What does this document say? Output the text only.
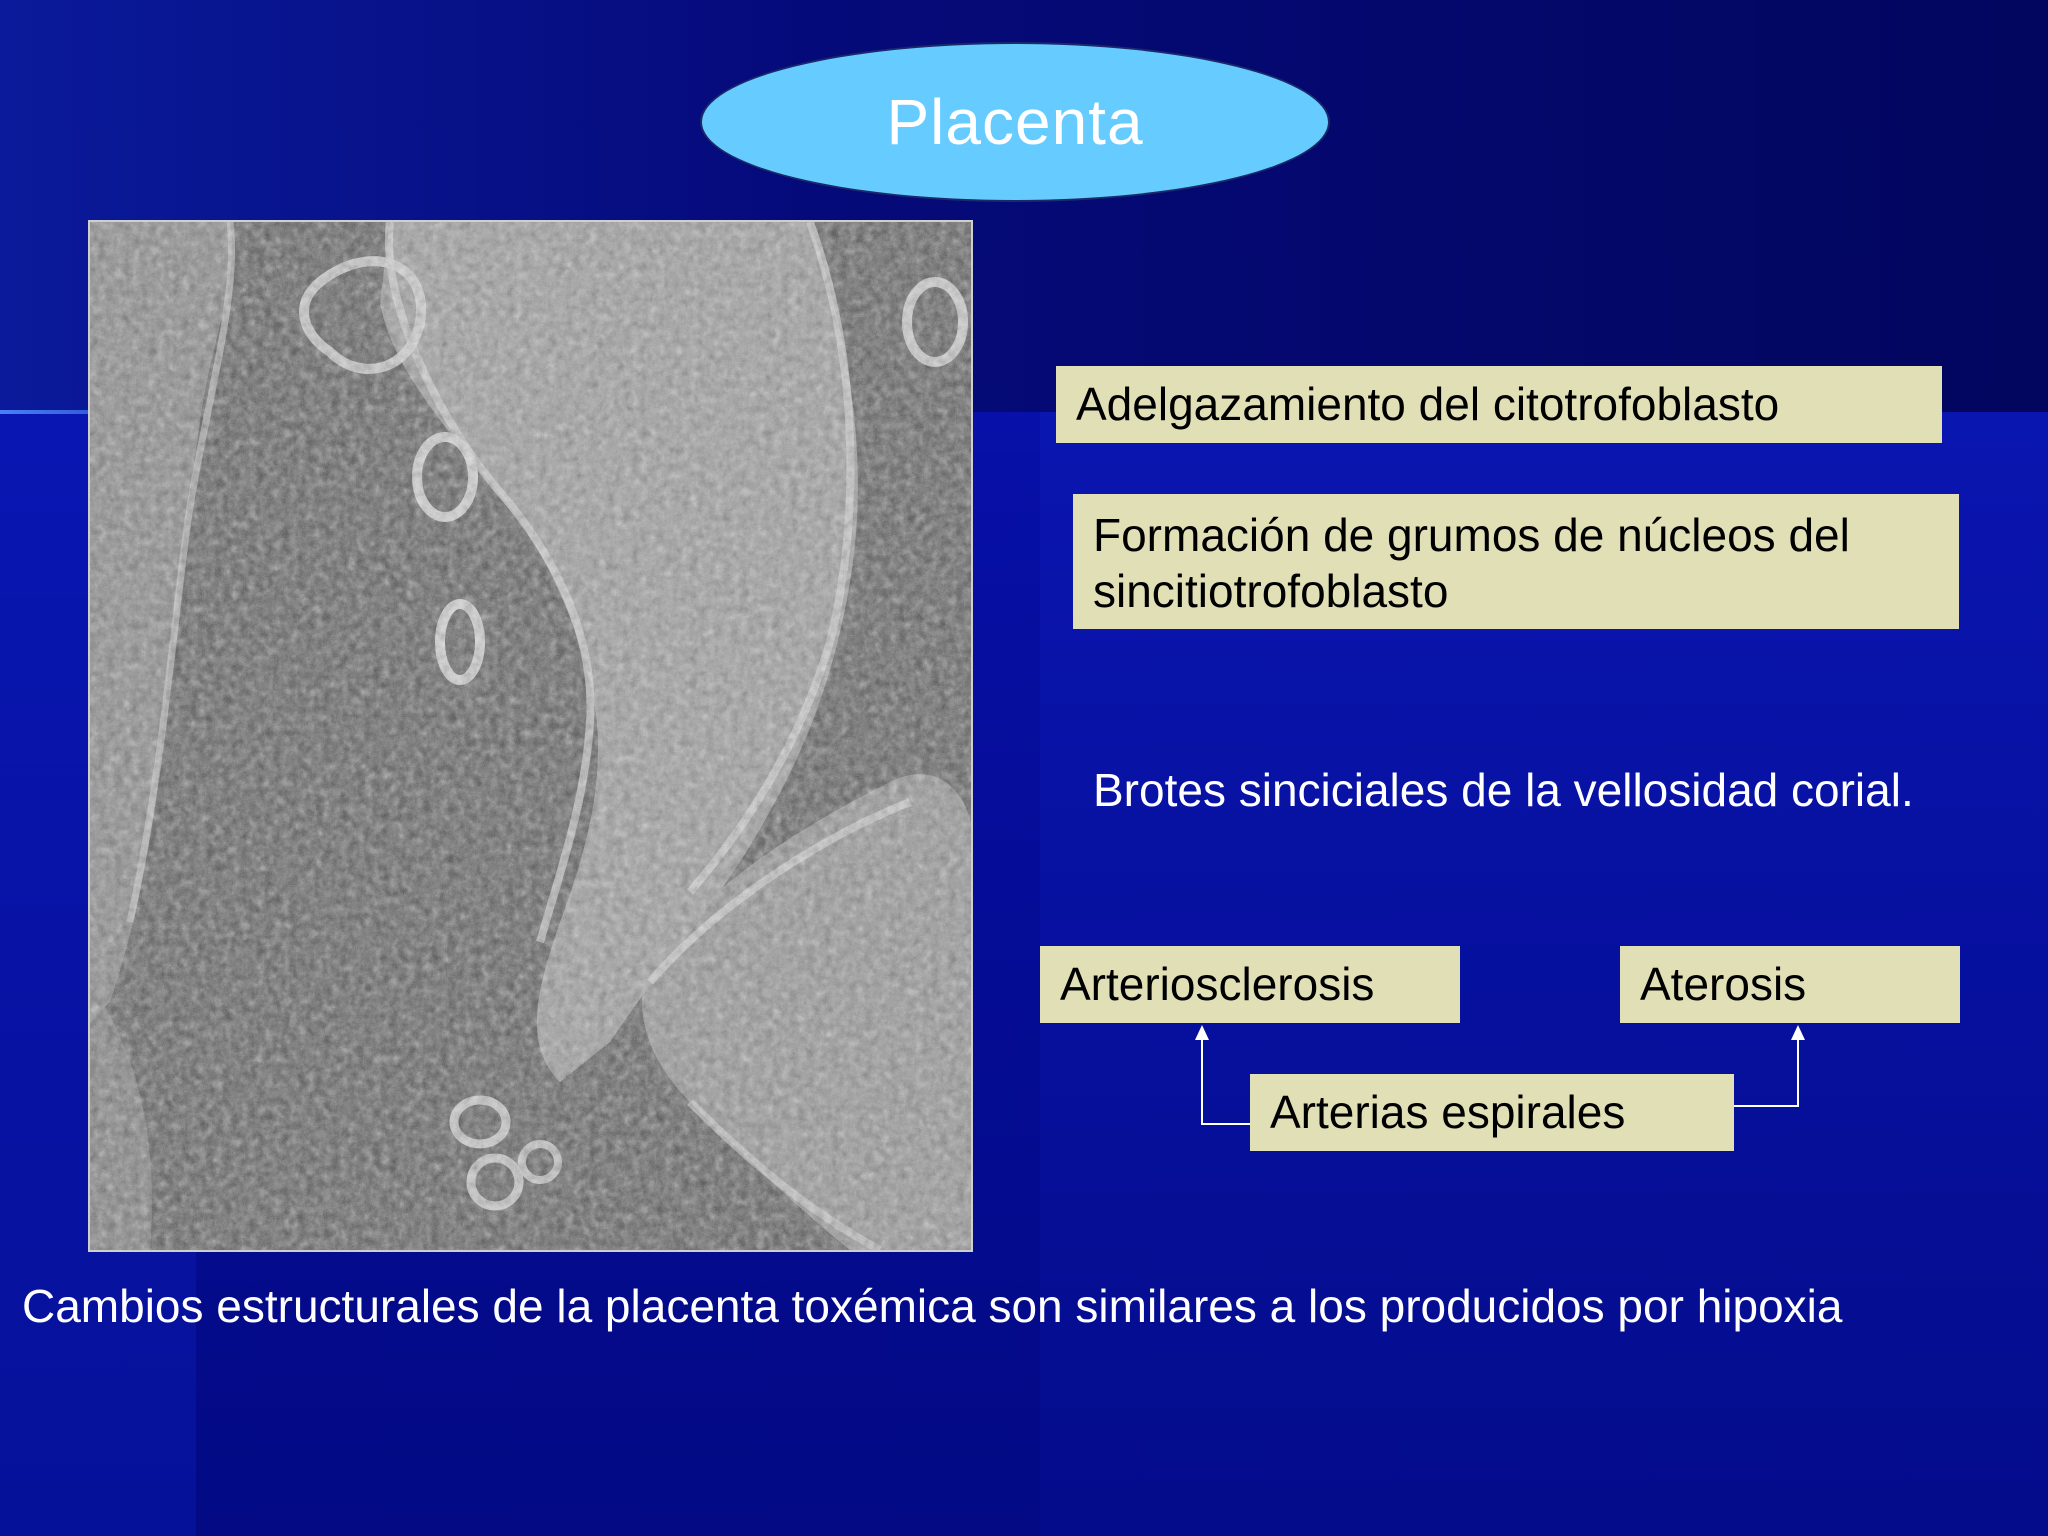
Placenta
Adelgazamiento del citotrofoblasto
Formación de grumos de núcleos del sincitiotrofoblasto
Brotes sinciciales de la vellosidad corial.
Arteriosclerosis	Aterosis
Arterias espirales
Cambios estructurales de la placenta toxémica son similares a los producidos por hipoxia
